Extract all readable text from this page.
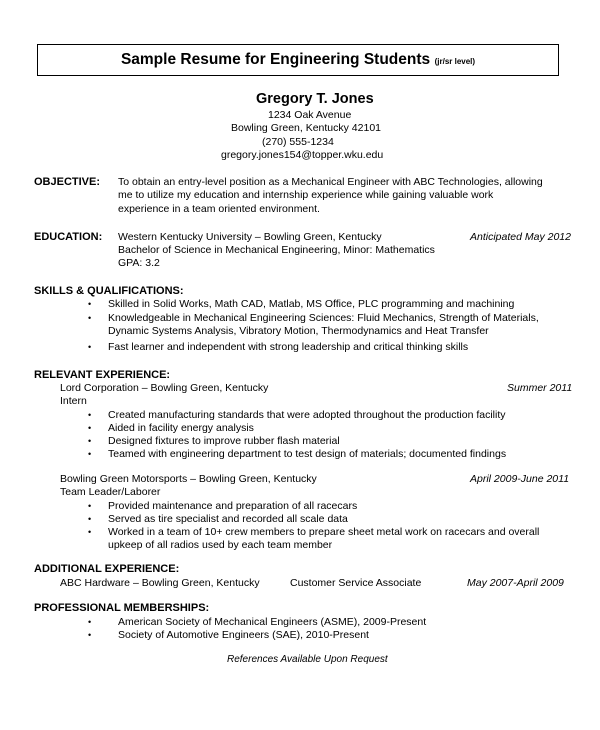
Sample Resume for Engineering Students (jr/sr level)
Gregory T. Jones
1234 Oak Avenue
Bowling Green, Kentucky 42101
(270) 555-1234
gregory.jones154@topper.wku.edu
OBJECTIVE: To obtain an entry-level position as a Mechanical Engineer with ABC Technologies, allowing
me to utilize my education and internship experience while gaining valuable work
experience in a team oriented environment.
EDUCATION: Western Kentucky University – Bowling Green, Kentucky	Anticipated May 2012
Bachelor of Science in Mechanical Engineering, Minor: Mathematics
GPA: 3.2
SKILLS & QUALIFICATIONS:
• Skilled in Solid Works, Math CAD, Matlab, MS Office, PLC programming and machining
• Knowledgeable in Mechanical Engineering Sciences: Fluid Mechanics, Strength of Materials,
Dynamic Systems Analysis, Vibratory Motion, Thermodynamics and Heat Transfer
• Fast learner and independent with strong leadership and critical thinking skills
RELEVANT EXPERIENCE:
Lord Corporation – Bowling Green, Kentucky	Summer 2011
Intern
• Created manufacturing standards that were adopted throughout the production facility
• Aided in facility energy analysis
• Designed fixtures to improve rubber flash material
• Teamed with engineering department to test design of materials; documented findings
Bowling Green Motorsports – Bowling Green, Kentucky	April 2009-June 2011
Team Leader/Laborer
• Provided maintenance and preparation of all racecars
• Served as tire specialist and recorded all scale data
• Worked in a team of 10+ crew members to prepare sheet metal work on racecars and overall
upkeep of all radios used by each team member
ADDITIONAL EXPERIENCE:
ABC Hardware – Bowling Green, Kentucky	Customer Service Associate	May 2007-April 2009
PROFESSIONAL MEMBERSHIPS:
•	American Society of Mechanical Engineers (ASME), 2009-Present
•	Society of Automotive Engineers (SAE), 2010-Present
References Available Upon Request
